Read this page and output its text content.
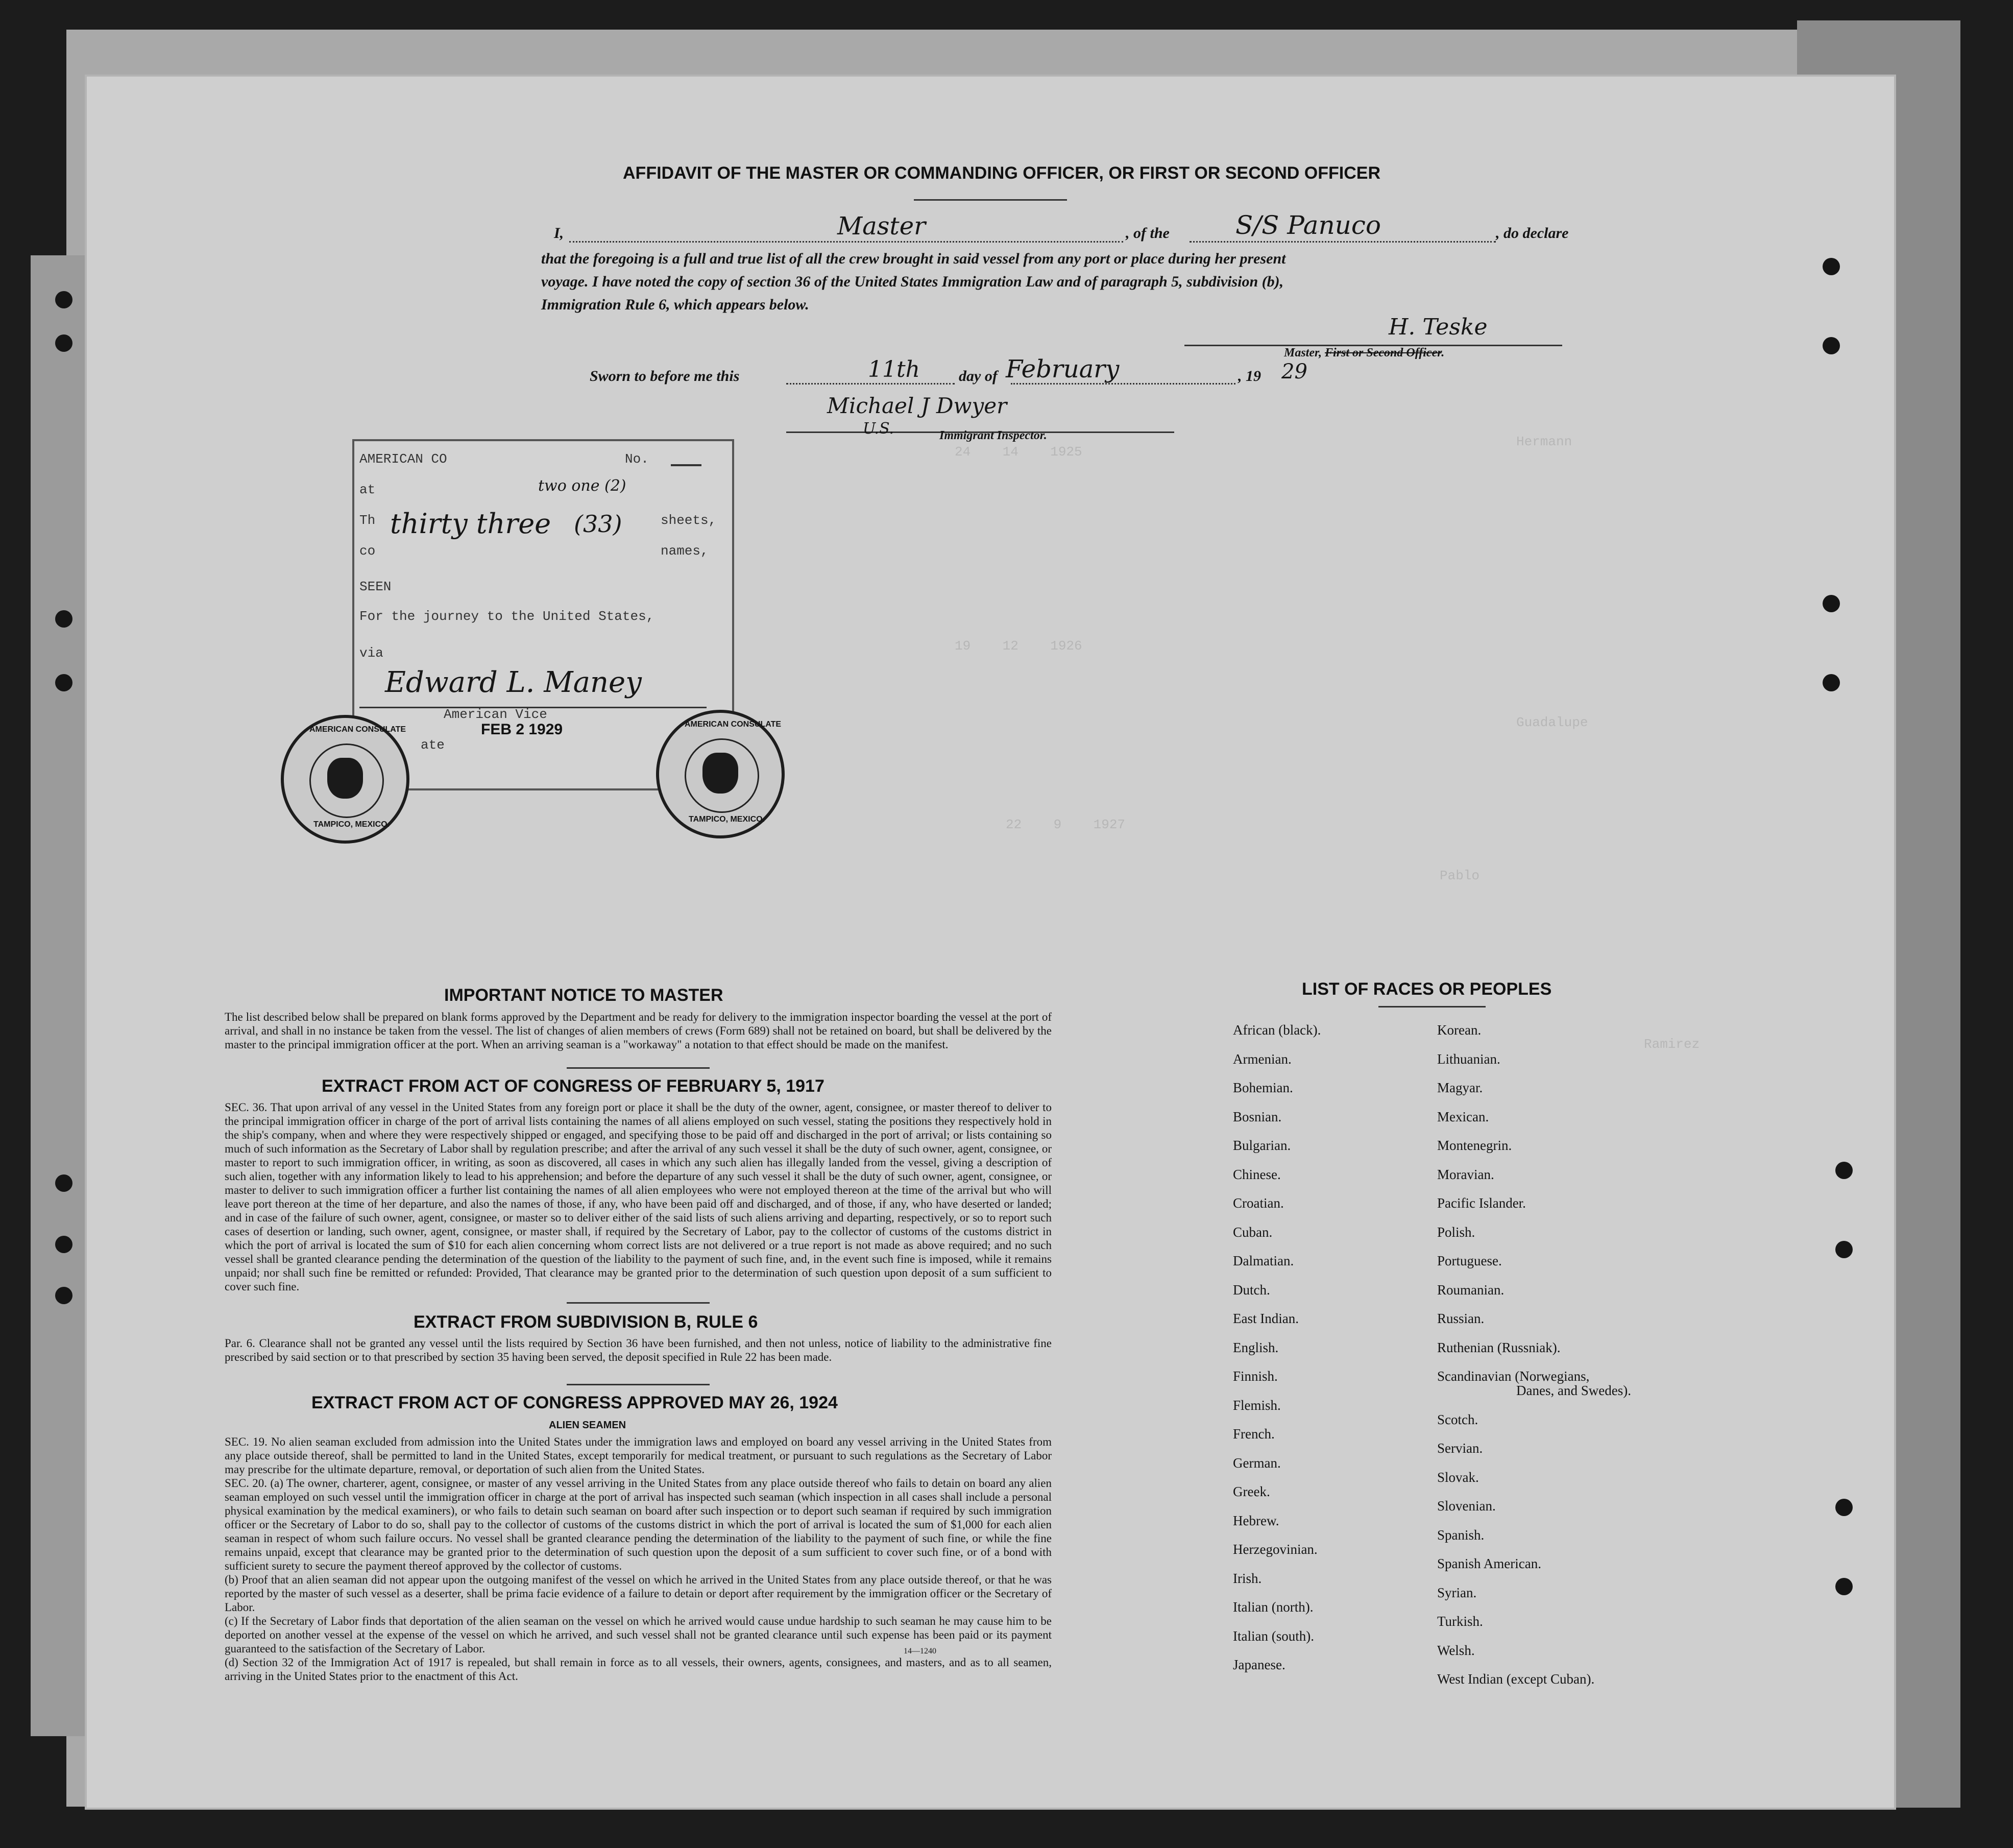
Hermann
Guadalupe
Pablo
Ramirez
24    14    1925
19    12    1926
22    9    1927
AFFIDAVIT OF THE MASTER OR COMMANDING OFFICER, OR FIRST OR SECOND OFFICER
I,	Master	, of the	S/S Panuco	, do declare
that the foregoing is a full and true list of all the crew brought in said vessel from any port or place during her present
voyage. I have noted the copy of section 36 of the United States Immigration Law and of paragraph 5, subdivision (b),
Immigration Rule 6, which appears below.
H. Teske
Master, First or Second Officer.
Sworn to before me this	11th	day of February	, 19 29
Michael J Dwyer
U.S.	Immigrant Inspector.
AMERICAN CO	No.
at
Th	sheets,
co	names,
thirty three (33)
two one (2)
SEEN
For the journey to the United States,
via
Edward L. Maney
American Vice
ate
FEB 2 1929
AMERICAN CONSULATE
TAMPICO, MEXICO.
AMERICAN CONSULATE
TAMPICO, MEXICO.
IMPORTANT NOTICE TO MASTER
The list described below shall be prepared on blank forms approved by the Department and be ready for delivery to the immigration inspector boarding the vessel at the port of arrival, and shall in no instance be taken from the vessel. The list of changes of alien members of crews (Form 689) shall not be retained on board, but shall be delivered by the master to the principal immigration officer at the port. When an arriving seaman is a "workaway" a notation to that effect should be made on the manifest.
EXTRACT FROM ACT OF CONGRESS OF FEBRUARY 5, 1917
SEC. 36. That upon arrival of any vessel in the United States from any foreign port or place it shall be the duty of the owner, agent, consignee, or master thereof to deliver to the principal immigration officer in charge of the port of arrival lists containing the names of all aliens employed on such vessel, stating the positions they respectively hold in the ship's company, when and where they were respectively shipped or engaged, and specifying those to be paid off and discharged in the port of arrival; or lists containing so much of such information as the Secretary of Labor shall by regulation prescribe; and after the arrival of any such vessel it shall be the duty of such owner, agent, consignee, or master to report to such immigration officer, in writing, as soon as discovered, all cases in which any such alien has illegally landed from the vessel, giving a description of such alien, together with any information likely to lead to his apprehension; and before the departure of any such vessel it shall be the duty of such owner, agent, consignee, or master to deliver to such immigration officer a further list containing the names of all alien employees who were not employed thereon at the time of the arrival but who will leave port thereon at the time of her departure, and also the names of those, if any, who have been paid off and discharged, and of those, if any, who have deserted or landed; and in case of the failure of such owner, agent, consignee, or master so to deliver either of the said lists of such aliens arriving and departing, respectively, or so to report such cases of desertion or landing, such owner, agent, consignee, or master shall, if required by the Secretary of Labor, pay to the collector of customs of the customs district in which the port of arrival is located the sum of $10 for each alien concerning whom correct lists are not delivered or a true report is not made as above required; and no such vessel shall be granted clearance pending the determination of the question of the liability to the payment of such fine, and, in the event such fine is imposed, while it remains unpaid; nor shall such fine be remitted or refunded: Provided, That clearance may be granted prior to the determination of such question upon deposit of a sum sufficient to cover such fine.
EXTRACT FROM SUBDIVISION B, RULE 6
Par. 6. Clearance shall not be granted any vessel until the lists required by Section 36 have been furnished, and then not unless, notice of liability to the administrative fine prescribed by said section or to that prescribed by section 35 having been served, the deposit specified in Rule 22 has been made.
EXTRACT FROM ACT OF CONGRESS APPROVED MAY 26, 1924
ALIEN SEAMEN
SEC. 19. No alien seaman excluded from admission into the United States under the immigration laws and employed on board any vessel arriving in the United States from any place outside thereof, shall be permitted to land in the United States, except temporarily for medical treatment, or pursuant to such regulations as the Secretary of Labor may prescribe for the ultimate departure, removal, or deportation of such alien from the United States.
SEC. 20. (a) The owner, charterer, agent, consignee, or master of any vessel arriving in the United States from any place outside thereof who fails to detain on board any alien seaman employed on such vessel until the immigration officer in charge at the port of arrival has inspected such seaman (which inspection in all cases shall include a personal physical examination by the medical examiners), or who fails to detain such seaman on board after such inspection or to deport such seaman if required by such immigration officer or the Secretary of Labor to do so, shall pay to the collector of customs of the customs district in which the port of arrival is located the sum of $1,000 for each alien seaman in respect of whom such failure occurs. No vessel shall be granted clearance pending the determination of the liability to the payment of such fine, or while the fine remains unpaid, except that clearance may be granted prior to the determination of such question upon the deposit of a sum sufficient to cover such fine, or of a bond with sufficient surety to secure the payment thereof approved by the collector of customs.
(b) Proof that an alien seaman did not appear upon the outgoing manifest of the vessel on which he arrived in the United States from any place outside thereof, or that he was reported by the master of such vessel as a deserter, shall be prima facie evidence of a failure to detain or deport after requirement by the immigration officer or the Secretary of Labor.
(c) If the Secretary of Labor finds that deportation of the alien seaman on the vessel on which he arrived would cause undue hardship to such seaman he may cause him to be deported on another vessel at the expense of the vessel on which he arrived, and such vessel shall not be granted clearance until such expense has been paid or its payment guaranteed to the satisfaction of the Secretary of Labor.
(d) Section 32 of the Immigration Act of 1917 is repealed, but shall remain in force as to all vessels, their owners, agents, consignees, and masters, and as to all seamen, arriving in the United States prior to the enactment of this Act.
14—1240
LIST OF RACES OR PEOPLES
African (black).
Armenian.
Bohemian.
Bosnian.
Bulgarian.
Chinese.
Croatian.
Cuban.
Dalmatian.
Dutch.
East Indian.
English.
Finnish.
Flemish.
French.
German.
Greek.
Hebrew.
Herzegovinian.
Irish.
Italian (north).
Italian (south).
Japanese.
Korean.
Lithuanian.
Magyar.
Mexican.
Montenegrin.
Moravian.
Pacific Islander.
Polish.
Portuguese.
Roumanian.
Russian.
Ruthenian (Russniak).
Scandinavian (Norwegians,
Danes, and Swedes).
Scotch.
Servian.
Slovak.
Slovenian.
Spanish.
Spanish American.
Syrian.
Turkish.
Welsh.
West Indian (except Cuban).
